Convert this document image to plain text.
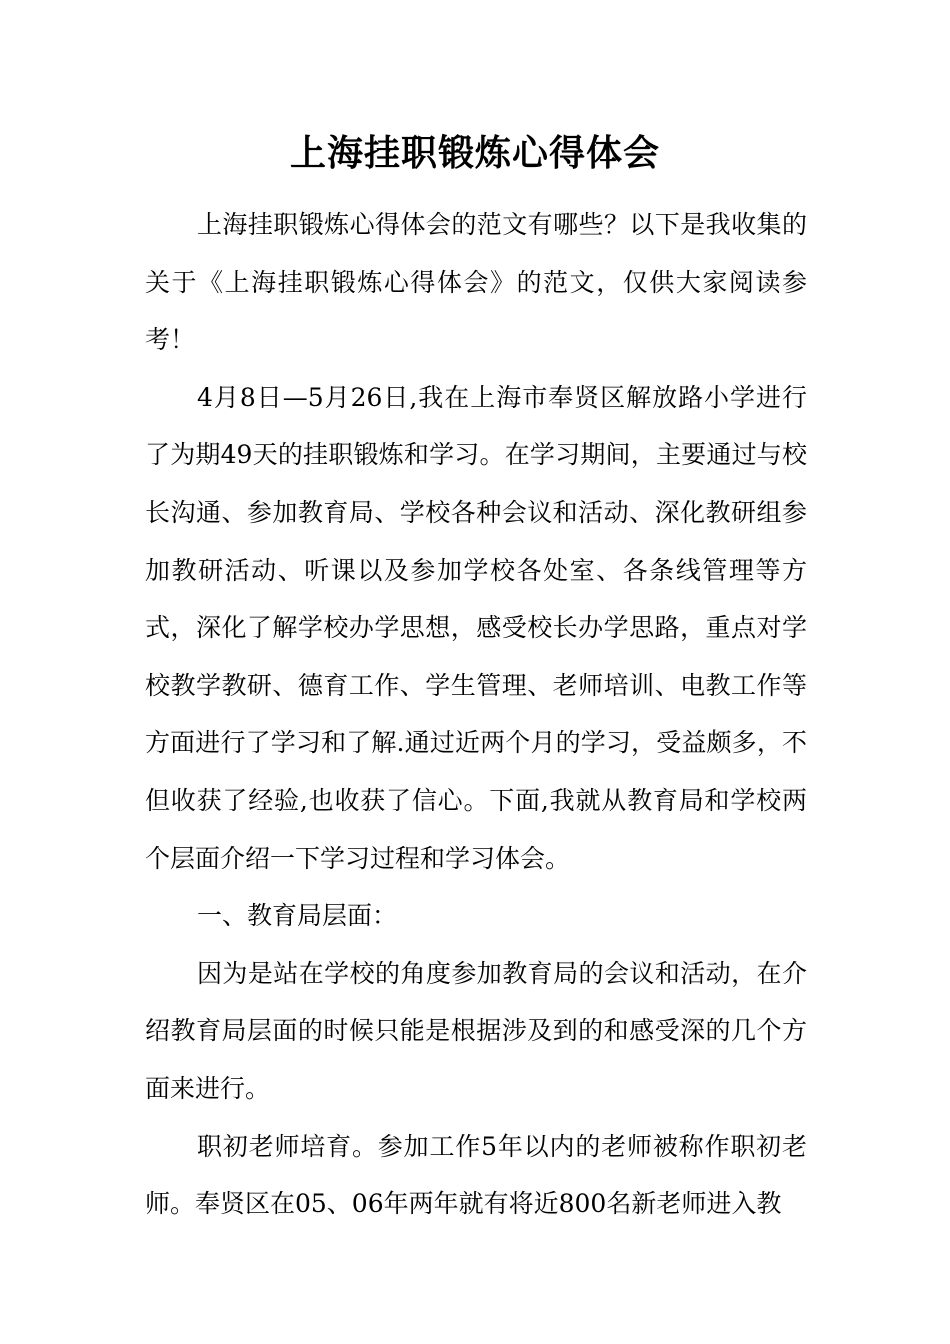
上海挂职锻炼心得体会

上海挂职锻炼心得体会的范文有哪些？以下是我收集的关于《上海挂职锻炼心得体会》的范文，仅供大家阅读参考！

4月8日—5月26日,我在上海市奉贤区解放路小学进行了为期49天的挂职锻炼和学习。在学习期间，主要通过与校长沟通、参加教育局、学校各种会议和活动、深化教研组参加教研活动、听课以及参加学校各处室、各条线管理等方式，深化了解学校办学思想，感受校长办学思路，重点对学校教学教研、德育工作、学生管理、老师培训、电教工作等方面进行了学习和了解.通过近两个月的学习，受益颇多，不但收获了经验,也收获了信心。下面,我就从教育局和学校两个层面介绍一下学习过程和学习体会。

一、教育局层面：

因为是站在学校的角度参加教育局的会议和活动，在介绍教育局层面的时候只能是根据涉及到的和感受深的几个方面来进行。

职初老师培育。参加工作5年以内的老师被称作职初老师。奉贤区在05、06年两年就有将近800名新老师进入教
